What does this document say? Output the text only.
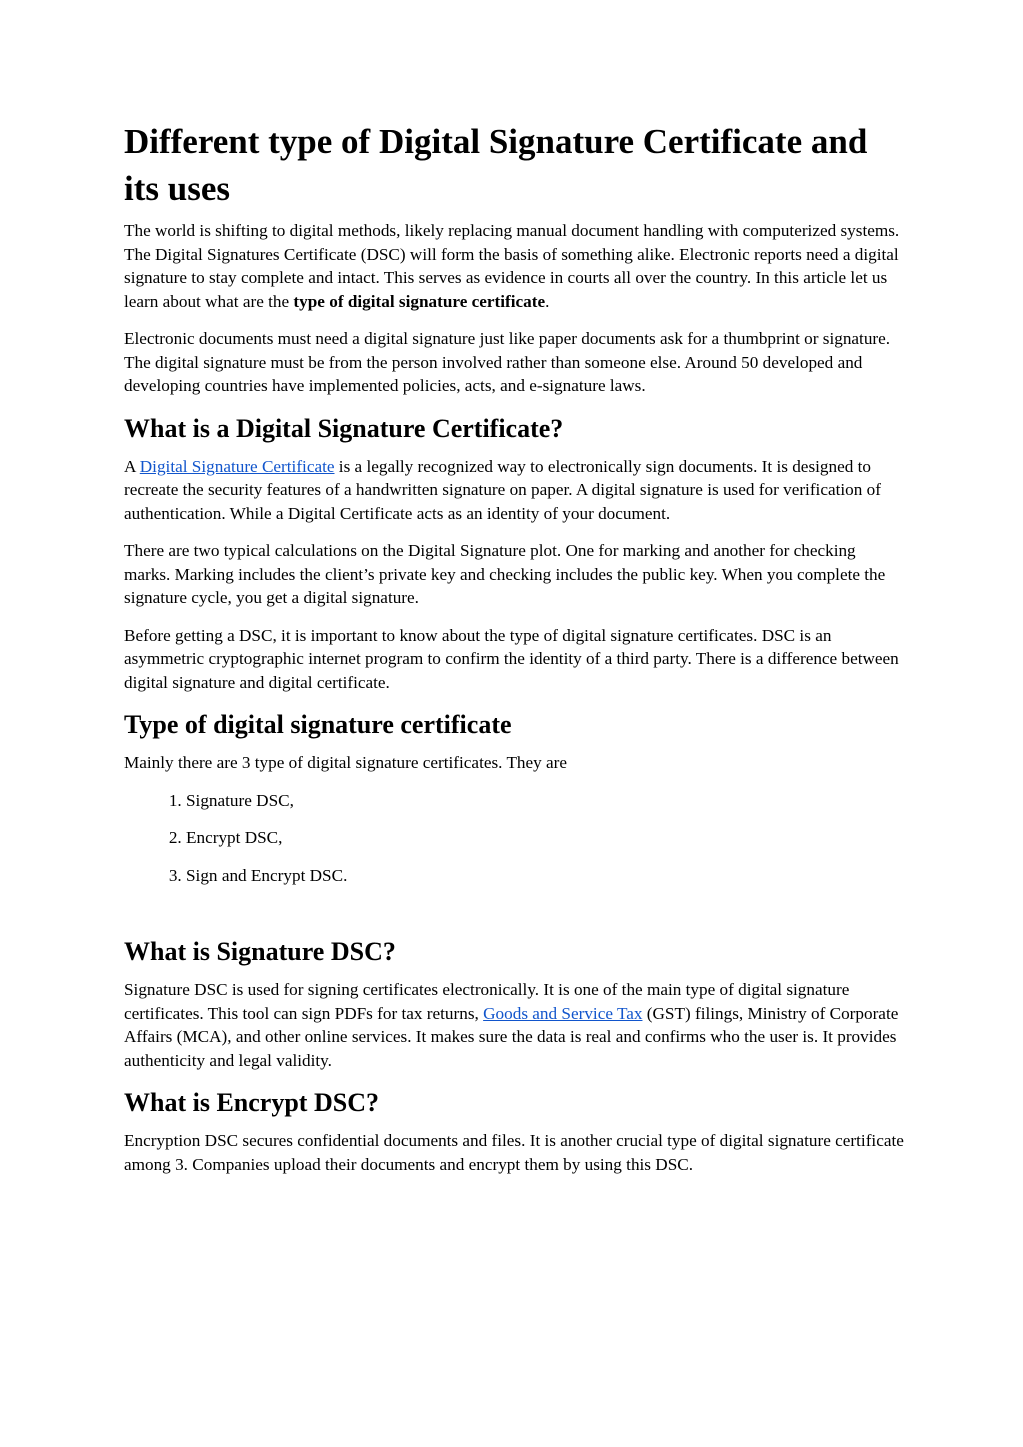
Different type of Digital Signature Certificate and its uses

The world is shifting to digital methods, likely replacing manual document handling with computerized systems. The Digital Signatures Certificate (DSC) will form the basis of something alike. Electronic reports need a digital signature to stay complete and intact. This serves as evidence in courts all over the country. In this article let us learn about what are the type of digital signature certificate.

Electronic documents must need a digital signature just like paper documents ask for a thumbprint or signature. The digital signature must be from the person involved rather than someone else. Around 50 developed and developing countries have implemented policies, acts, and e-signature laws.

What is a Digital Signature Certificate?

A Digital Signature Certificate is a legally recognized way to electronically sign documents. It is designed to recreate the security features of a handwritten signature on paper. A digital signature is used for verification of authentication. While a Digital Certificate acts as an identity of your document.

There are two typical calculations on the Digital Signature plot. One for marking and another for checking marks. Marking includes the client’s private key and checking includes the public key. When you complete the signature cycle, you get a digital signature.

Before getting a DSC, it is important to know about the type of digital signature certificates. DSC is an asymmetric cryptographic internet program to confirm the identity of a third party. There is a difference between digital signature and digital certificate.

Type of digital signature certificate

Mainly there are 3 type of digital signature certificates. They are

1. Signature DSC,
2. Encrypt DSC,
3. Sign and Encrypt DSC.
What is Signature DSC?

Signature DSC is used for signing certificates electronically. It is one of the main type of digital signature certificates. This tool can sign PDFs for tax returns, Goods and Service Tax (GST) filings, Ministry of Corporate Affairs (MCA), and other online services. It makes sure the data is real and confirms who the user is. It provides authenticity and legal validity.

What is Encrypt DSC?

Encryption DSC secures confidential documents and files. It is another crucial type of digital signature certificate among 3. Companies upload their documents and encrypt them by using this DSC.
